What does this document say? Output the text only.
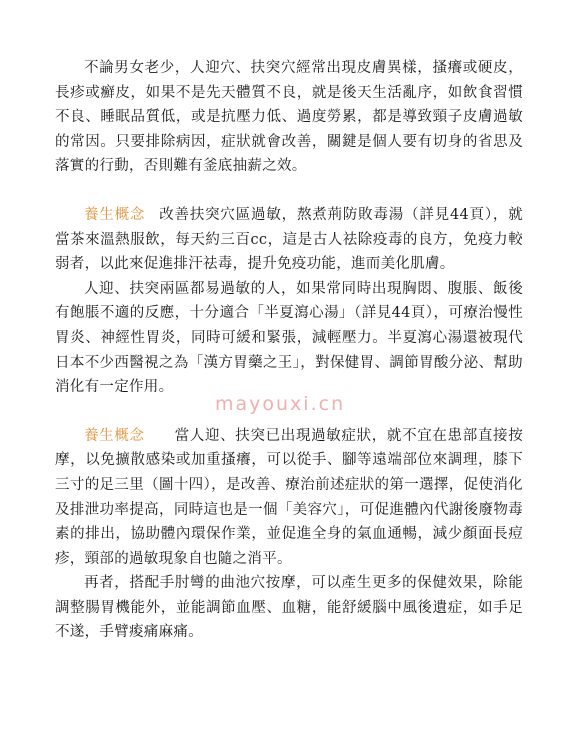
不論男女老少，人迎穴、扶突穴經常出現皮膚異樣，搔癢或硬皮，長疹或癬皮，如果不是先天體質不良，就是後天生活亂序，如飲食習慣不良、睡眠品質低，或是抗壓力低、過度勞累，都是導致頸子皮膚過敏的常因。只要排除病因，症狀就會改善，關鍵是個人要有切身的省思及落實的行動，否則難有釜底抽薪之效。

養生概念 改善扶突穴區過敏，熬煮荊防敗毒湯（詳見44頁），就當茶來溫熱服飲，每天約三百cc，這是古人祛除疫毒的良方，免疫力較弱者，以此來促進排汗祛毒，提升免疫功能，進而美化肌膚。

人迎、扶突兩區都易過敏的人，如果常同時出現胸悶、腹脹、飯後有飽脹不適的反應，十分適合「半夏瀉心湯」（詳見44頁），可療治慢性胃炎、神經性胃炎，同時可緩和緊張，減輕壓力。半夏瀉心湯還被現代日本不少西醫視之為「漢方胃藥之王」，對保健胃、調節胃酸分泌、幫助消化有一定作用。

養生概念 當人迎、扶突已出現過敏症狀，就不宜在患部直接按摩，以免擴散感染或加重搔癢，可以從手、腳等遠端部位來調理，膝下三寸的足三里（圖十四），是改善、療治前述症狀的第一選擇，促使消化及排泄功率提高，同時這也是一個「美容穴」，可促進體內代謝後廢物毒素的排出，協助體內環保作業，並促進全身的氣血通暢，減少顏面長痘疹，頸部的過敏現象自也隨之消平。

再者，搭配手肘彎的曲池穴按摩，可以產生更多的保健效果，除能調整腸胃機能外，並能調節血壓、血糖，能舒緩腦中風後遺症，如手足不遂，手臂痠痛麻痛。

mayouxi.cn
